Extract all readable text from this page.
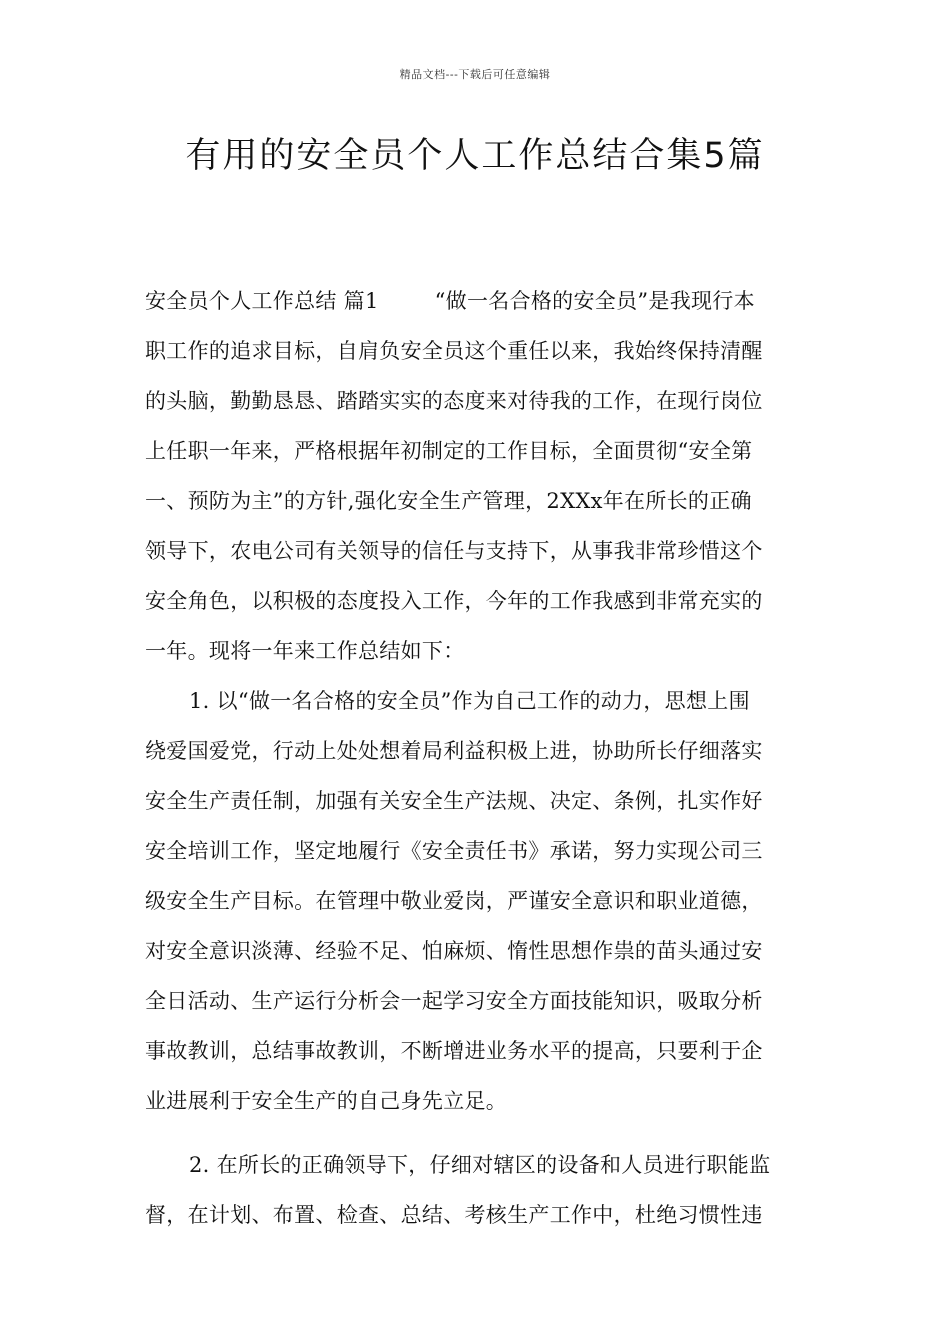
精品文档---下载后可任意编辑
有用的安全员个人工作总结合集5篇
安全员个人工作总结 篇1	“做一名合格的安全员”是我现行本
职工作的追求目标，自肩负安全员这个重任以来，我始终保持清醒
的头脑，勤勤恳恳、踏踏实实的态度来对待我的工作，在现行岗位
上任职一年来，严格根据年初制定的工作目标，全面贯彻“安全第
一、预防为主”的方针,强化安全生产管理，2XXx年在所长的正确
领导下，农电公司有关领导的信任与支持下，从事我非常珍惜这个
安全角色，以积极的态度投入工作，今年的工作我感到非常充实的
一年。现将一年来工作总结如下：
1. 以“做一名合格的安全员”作为自己工作的动力，思想上围
绕爱国爱党，行动上处处想着局利益积极上进，协助所长仔细落实
安全生产责任制，加强有关安全生产法规、决定、条例，扎实作好
安全培训工作，坚定地履行《安全责任书》承诺，努力实现公司三
级安全生产目标。在管理中敬业爱岗，严谨安全意识和职业道德，
对安全意识淡薄、经验不足、怕麻烦、惰性思想作祟的苗头通过安
全日活动、生产运行分析会一起学习安全方面技能知识，吸取分析
事故教训，总结事故教训，不断增进业务水平的提高，只要利于企
业进展利于安全生产的自己身先立足。
2. 在所长的正确领导下，仔细对辖区的设备和人员进行职能监
督，在计划、布置、检查、总结、考核生产工作中，杜绝习惯性违
